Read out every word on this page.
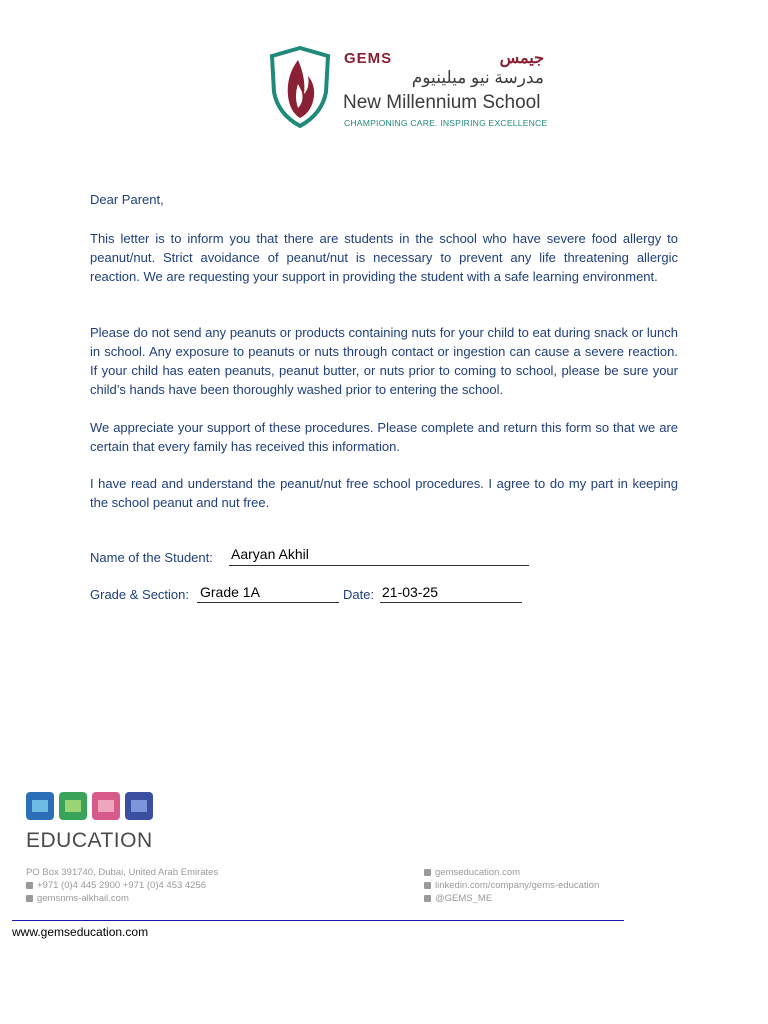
GEMS	جيمس
مدرسة نيو ميلينيوم
New Millennium School
CHAMPIONING CARE. INSPIRING EXCELLENCE
Dear Parent,
This letter is to inform you that there are students in the school who have severe food allergy to peanut/nut. Strict avoidance of peanut/nut is necessary to prevent any life threatening allergic reaction. We are requesting your support in providing the student with a safe learning environment.
Please do not send any peanuts or products containing nuts for your child to eat during snack or lunch in school. Any exposure to peanuts or nuts through contact or ingestion can cause a severe reaction. If your child has eaten peanuts, peanut butter, or nuts prior to coming to school, please be sure your child’s hands have been thoroughly washed prior to entering the school.
We appreciate your support of these procedures. Please complete and return this form so that we are certain that every family has received this information.
I have read and understand the peanut/nut free school procedures. I agree to do my part in keeping the school peanut and nut free.
Name of the Student: Aaryan Akhil
Grade & Section: Grade 1A	Date: 21-03-25
EDUCATION
PO Box 391740, Dubai, United Arab Emirates
+971 (0)4 445 2900 +971 (0)4 453 4256
gemsnms-alkhail.com
gemseducation.com
linkedin.com/company/gems-education
@GEMS_ME
www.gemseducation.com
